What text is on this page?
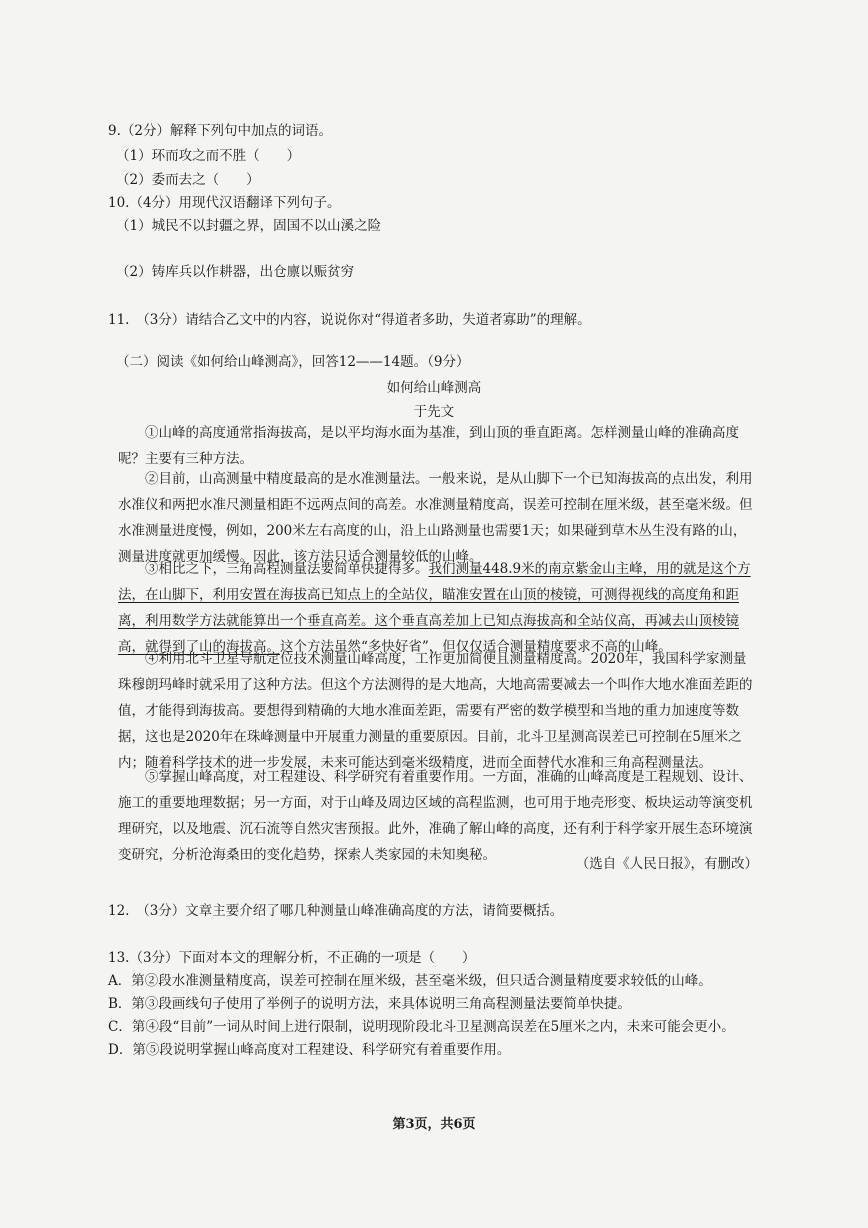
9.（2分）解释下列句中加点的词语。
（1）环而攻之而不胜（　　）
（2）委而去之（　　）
10.（4分）用现代汉语翻译下列句子。
（1）城民不以封疆之界，固国不以山溪之险
（2）铸库兵以作耕器，出仓廪以赈贫穷
11.　（3分）请结合乙文中的内容，说说你对“得道者多助，失道者寡助”的理解。
（二）阅读《如何给山峰测高》，回答12——14题。（9分）
如何给山峰测高
于先文
①山峰的高度通常指海拔高，是以平均海水面为基准，到山顶的垂直距离。怎样测量山峰的准确高度呢？主要有三种方法。
②目前，山高测量中精度最高的是水准测量法。一般来说，是从山脚下一个已知海拔高的点出发，利用水准仪和两把水准尺测量相距不远两点间的高差。水准测量精度高，误差可控制在厘米级，甚至毫米级。但水准测量进度慢，例如，200米左右高度的山，沿上山路测量也需要1天；如果碰到草木丛生没有路的山，测量进度就更加缓慢。因此，该方法只适合测量较低的山峰。
③相比之下，三角高程测量法要简单快捷得多。我们测量448.9米的南京紫金山主峰，用的就是这个方法，在山脚下，利用安置在海拔高已知点上的全站仪，瞄准安置在山顶的棱镜，可测得视线的高度角和距离，利用数学方法就能算出一个垂直高差。这个垂直高差加上已知点海拔高和全站仪高，再减去山顶棱镜高，就得到了山的海拔高。这个方法虽然“多快好省”，但仅仅适合测量精度要求不高的山峰。
④利用北斗卫星导航定位技术测量山峰高度，工作更加简便且测量精度高。2020年，我国科学家测量珠穆朗玛峰时就采用了这种方法。但这个方法测得的是大地高，大地高需要减去一个叫作大地水准面差距的值，才能得到海拔高。要想得到精确的大地水准面差距，需要有严密的数学模型和当地的重力加速度等数据，这也是2020年在珠峰测量中开展重力测量的重要原因。目前，北斗卫星测高误差已可控制在5厘米之内；随着科学技术的进一步发展，未来可能达到毫米级精度，进而全面替代水准和三角高程测量法。
⑤掌握山峰高度，对工程建设、科学研究有着重要作用。一方面，准确的山峰高度是工程规划、设计、施工的重要地理数据；另一方面，对于山峰及周边区域的高程监测，也可用于地壳形变、板块运动等演变机理研究，以及地震、沉石流等自然灾害预报。此外，准确了解山峰的高度，还有利于科学家开展生态环境演变研究，分析沧海桑田的变化趋势，探索人类家园的未知奥秘。
（选自《人民日报》，有删改）
12.　（3分）文章主要介绍了哪几种测量山峰准确高度的方法，请简要概括。
13.（3分）下面对本文的理解分析，不正确的一项是（　　）
A．第②段水准测量精度高，误差可控制在厘米级，甚至毫米级，但只适合测量精度要求较低的山峰。
B．第③段画线句子使用了举例子的说明方法，来具体说明三角高程测量法要简单快捷。
C．第④段“目前”一词从时间上进行限制，说明现阶段北斗卫星测高误差在5厘米之内，未来可能会更小。
D．第⑤段说明掌握山峰高度对工程建设、科学研究有着重要作用。
第3页，共6页
